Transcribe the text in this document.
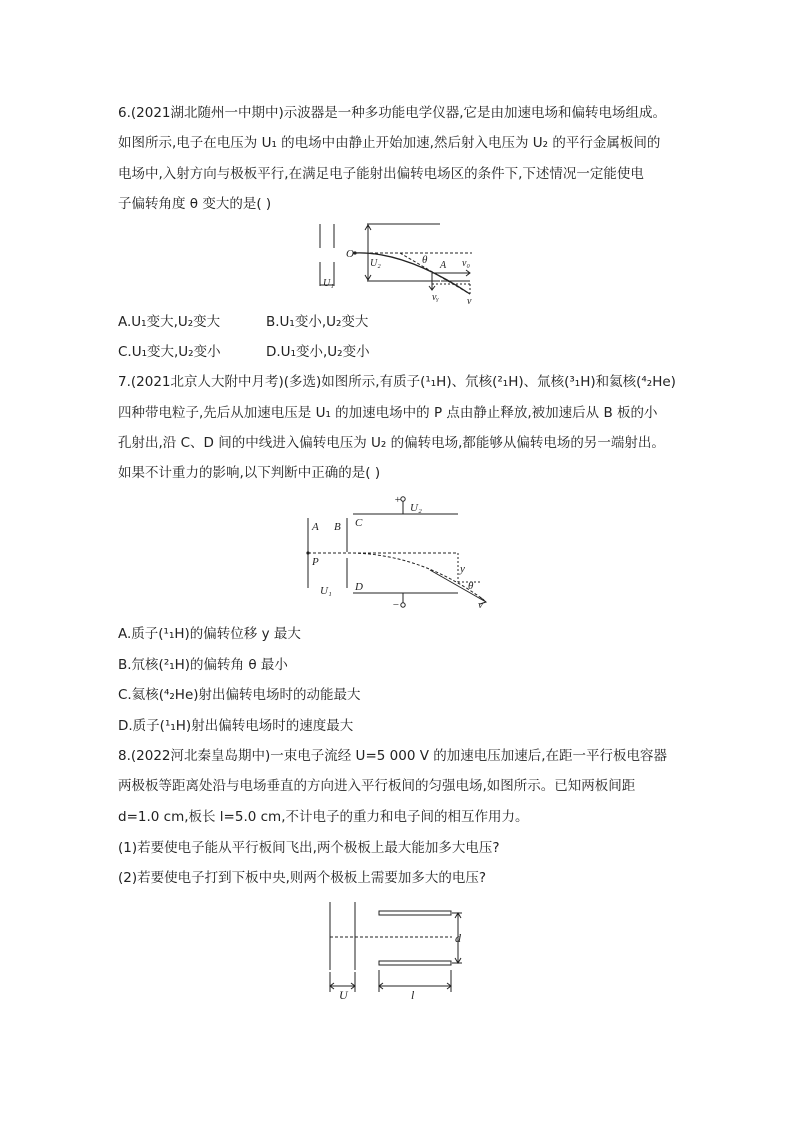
6.(2021湖北随州一中期中)示波器是一种多功能电学仪器,它是由加速电场和偏转电场组成。
如图所示,电子在电压为 U₁ 的电场中由静止开始加速,然后射入电压为 U₂ 的平行金属板间的
电场中,入射方向与极板平行,在满足电子能射出偏转电场区的条件下,下述情况一定能使电
子偏转角度 θ 变大的是( )
O
U₂
U₁
θ A v₀
vᵧ	v
A.U₁变大,U₂变大	B.U₁变小,U₂变大
C.U₁变大,U₂变小	D.U₁变小,U₂变小
7.(2021北京人大附中月考)(多选)如图所示,有质子(¹₁H)、氘核(²₁H)、氚核(³₁H)和氦核(⁴₂He)
四种带电粒子,先后从加速电压是 U₁ 的加速电场中的 P 点由静止释放,被加速后从 B 板的小
孔射出,沿 C、D 间的中线进入偏转电压为 U₂ 的偏转电场,都能够从偏转电场的另一端射出。
如果不计重力的影响,以下判断中正确的是( )
+
−
U₂
A B C
D
P
U₁
y
θ
v
A.质子(¹₁H)的偏转位移 y 最大
B.氘核(²₁H)的偏转角 θ 最小
C.氦核(⁴₂He)射出偏转电场时的动能最大
D.质子(¹₁H)射出偏转电场时的速度最大
8.(2022河北秦皇岛期中)一束电子流经 U=5 000 V 的加速电压加速后,在距一平行板电容器
两极板等距离处沿与电场垂直的方向进入平行板间的匀强电场,如图所示。已知两板间距
d=1.0 cm,板长 l=5.0 cm,不计电子的重力和电子间的相互作用力。
(1)若要使电子能从平行板间飞出,两个极板上最大能加多大电压?
(2)若要使电子打到下板中央,则两个极板上需要加多大的电压?
d
U	l
